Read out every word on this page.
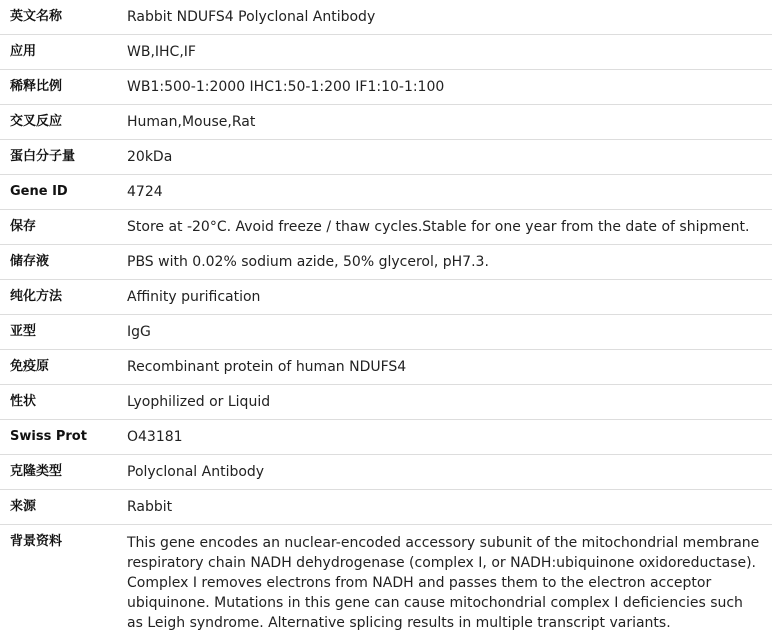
英文名称	Rabbit NDUFS4 Polyclonal Antibody
应用	WB,IHC,IF
稀释比例	WB1:500-1:2000 IHC1:50-1:200 IF1:10-1:100
交叉反应	Human,Mouse,Rat
蛋白分子量	20kDa
Gene ID	4724
保存	Store at -20°C. Avoid freeze / thaw cycles.Stable for one year from the date of shipment.
储存液	PBS with 0.02% sodium azide, 50% glycerol, pH7.3.
纯化方法	Affinity purification
亚型	IgG
免疫原	Recombinant protein of human NDUFS4
性状	Lyophilized or Liquid
Swiss Prot	O43181
克隆类型	Polyclonal Antibody
来源	Rabbit
背景资料	This gene encodes an nuclear-encoded accessory subunit of the mitochondrial membrane respiratory chain NADH dehydrogenase (complex I, or NADH:ubiquinone oxidoreductase). Complex I removes electrons from NADH and passes them to the electron acceptor ubiquinone. Mutations in this gene can cause mitochondrial complex I deficiencies such as Leigh syndrome. Alternative splicing results in multiple transcript variants.
